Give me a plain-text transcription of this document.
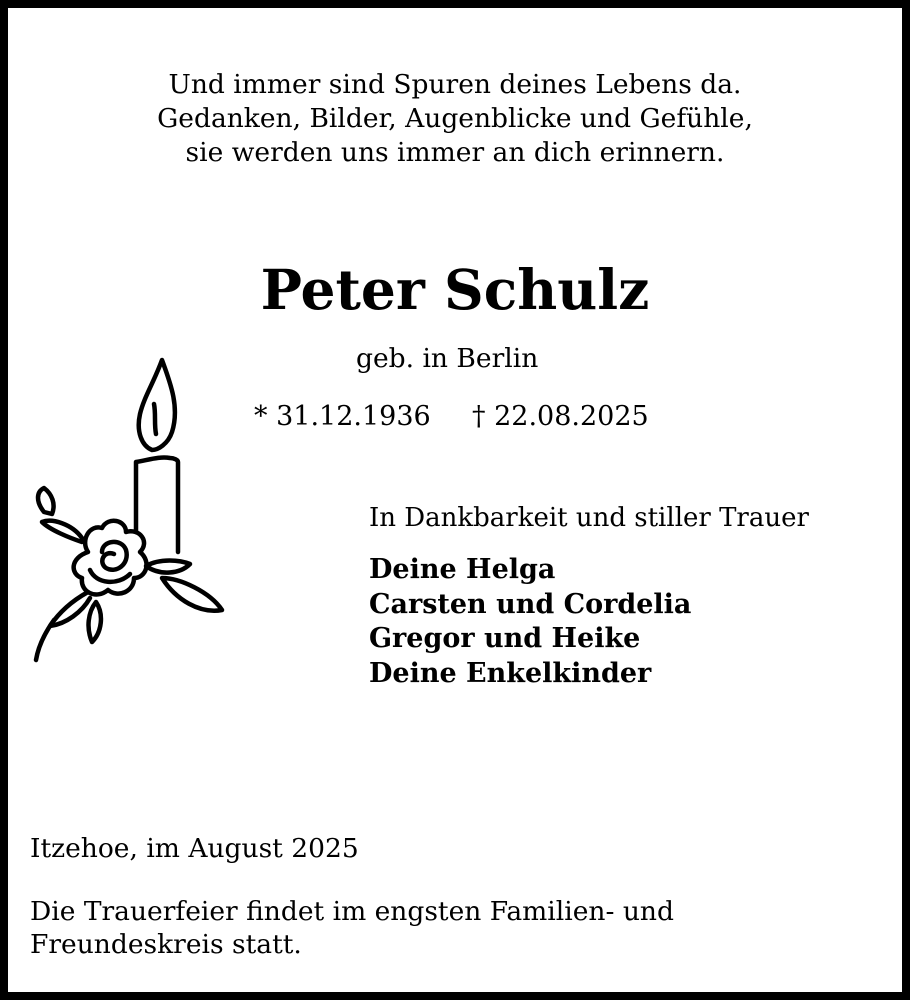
Und immer sind Spuren deines Lebens da.
Gedanken, Bilder, Augenblicke und Gefühle,
sie werden uns immer an dich erinnern.
Peter Schulz
geb. in Berlin
* 31.12.1936 † 22.08.2025
In Dankbarkeit und stiller Trauer
Deine Helga
Carsten und Cordelia
Gregor und Heike
Deine Enkelkinder
Itzehoe, im August 2025
Die Trauerfeier findet im engsten Familien- und
Freundeskreis statt.
